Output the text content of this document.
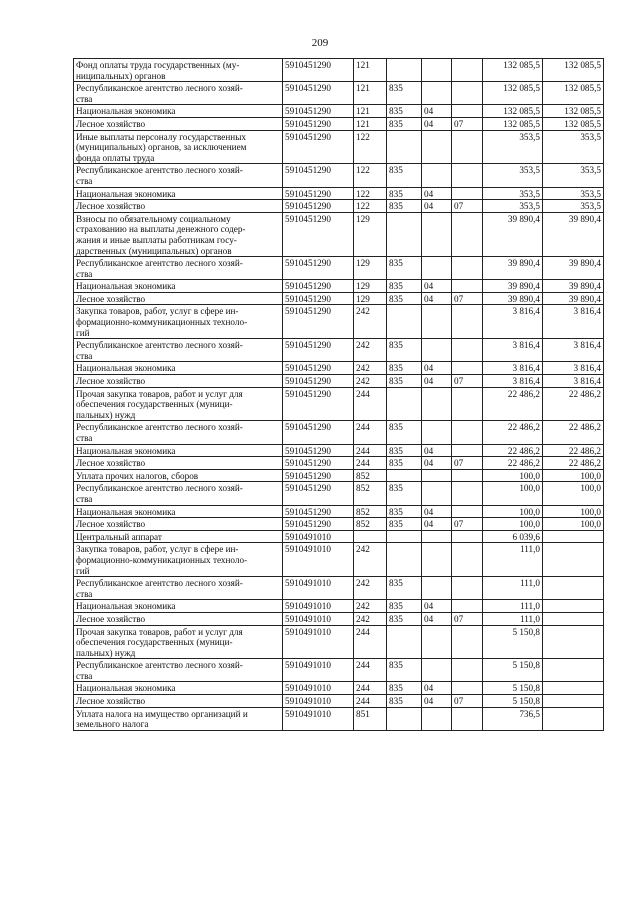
209
Фонд оплаты труда государственных (му-
ниципальных) органов	5910451290	121				132 085,5	132 085,5
Республиканское агентство лесного хозяй-
ства	5910451290	121	835			132 085,5	132 085,5
Национальная экономика	5910451290	121	835	04		132 085,5	132 085,5
Лесное хозяйство	5910451290	121	835	04	07	132 085,5	132 085,5
Иные выплаты персоналу государственных
(муниципальных) органов, за исключением
фонда оплаты труда	5910451290	122				353,5	353,5
Республиканское агентство лесного хозяй-
ства	5910451290	122	835			353,5	353,5
Национальная экономика	5910451290	122	835	04		353,5	353,5
Лесное хозяйство	5910451290	122	835	04	07	353,5	353,5
Взносы по обязательному социальному
страхованию на выплаты денежного содер-
жания и иные выплаты работникам госу-
дарственных (муниципальных) органов	5910451290	129				39 890,4	39 890,4
Республиканское агентство лесного хозяй-
ства	5910451290	129	835			39 890,4	39 890,4
Национальная экономика	5910451290	129	835	04		39 890,4	39 890,4
Лесное хозяйство	5910451290	129	835	04	07	39 890,4	39 890,4
Закупка товаров, работ, услуг в сфере ин-
формационно-коммуникационных техноло-
гий	5910451290	242				3 816,4	3 816,4
Республиканское агентство лесного хозяй-
ства	5910451290	242	835			3 816,4	3 816,4
Национальная экономика	5910451290	242	835	04		3 816,4	3 816,4
Лесное хозяйство	5910451290	242	835	04	07	3 816,4	3 816,4
Прочая закупка товаров, работ и услуг для
обеспечения государственных (муници-
пальных) нужд	5910451290	244				22 486,2	22 486,2
Республиканское агентство лесного хозяй-
ства	5910451290	244	835			22 486,2	22 486,2
Национальная экономика	5910451290	244	835	04		22 486,2	22 486,2
Лесное хозяйство	5910451290	244	835	04	07	22 486,2	22 486,2
Уплата прочих налогов, сборов	5910451290	852				100,0	100,0
Республиканское агентство лесного хозяй-
ства	5910451290	852	835			100,0	100,0
Национальная экономика	5910451290	852	835	04		100,0	100,0
Лесное хозяйство	5910451290	852	835	04	07	100,0	100,0
Центральный аппарат	5910491010					6 039,6	
Закупка товаров, работ, услуг в сфере ин-
формационно-коммуникационных техноло-
гий	5910491010	242				111,0	
Республиканское агентство лесного хозяй-
ства	5910491010	242	835			111,0	
Национальная экономика	5910491010	242	835	04		111,0	
Лесное хозяйство	5910491010	242	835	04	07	111,0	
Прочая закупка товаров, работ и услуг для
обеспечения государственных (муници-
пальных) нужд	5910491010	244				5 150,8	
Республиканское агентство лесного хозяй-
ства	5910491010	244	835			5 150,8	
Национальная экономика	5910491010	244	835	04		5 150,8	
Лесное хозяйство	5910491010	244	835	04	07	5 150,8	
Уплата налога на имущество организаций и
земельного налога	5910491010	851				736,5	
